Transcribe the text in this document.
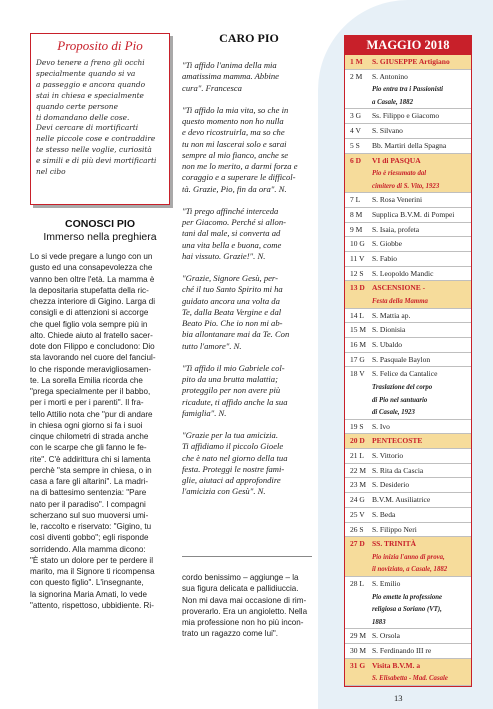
Proposito di Pio
Devo tenere a freno gli occhi
specialmente quando si va
a passeggio e ancora quando
stai in chiesa e specialmente
quando certe persone
ti domandano delle cose.
Devi cercare di mortificarti
nelle piccole cose e contraddire
te stesso nelle voglie, curiosità
e simili e di più devi mortificarti
nel cibo
CONOSCI PIO
Immerso nella preghiera
Lo si vede pregare a lungo con un
gusto ed una consapevolezza che
vanno ben oltre l'età. La mamma è
la depositaria stupefatta della ric-
chezza interiore di Gigino. Larga di
consigli e di attenzioni si accorge
che quel figlio vola sempre più in
alto. Chiede aiuto al fratello sacer-
dote don Filippo e concludono: Dio
sta lavorando nel cuore del fanciul-
lo che risponde meravigliosamen-
te. La sorella Emilia ricorda che
"prega specialmente per il babbo,
per i morti e per i parenti". Il fra-
tello Attilio nota che "pur di andare
in chiesa ogni giorno si fa i suoi
cinque chilometri di strada anche
con le scarpe che gli fanno le fe-
rite". C'è addirittura chi si lamenta
perchè "sta sempre in chiesa, o in
casa a fare gli altarini". La madri-
na di battesimo sentenzia: "Pare
nato per il paradiso". I compagni
scherzano sul suo muoversi umi-
le, raccolto e riservato: "Gigino, tu
così diventi gobbo"; egli risponde
sorridendo. Alla mamma dicono:
"È stato un dolore per te perdere il
marito, ma il Signore ti ricompensa
con questo figlio". L'insegnante,
la signorina Maria Amati, lo vede
"attento, rispettoso, ubbidiente. Ri-
CARO PIO

"Ti affido l'anima della mia
amatissima mamma. Abbine
cura". Francesca

"Ti affido la mia vita, so che in
questo momento non ho nulla
e devo ricostruirla, ma so che
tu non mi lascerai solo e sarai
sempre al mio fianco, anche se
non me lo merito, a darmi forza e
coraggio e a superare le difficol-
tà. Grazie, Pio, fin da ora". N.

"Ti prego affinché interceda
per Giacomo. Perché si allon-
tani dal male, si converta ad
una vita bella e buona, come
hai vissuto. Grazie!". N.

"Grazie, Signore Gesù, per-
ché il tuo Santo Spirito mi ha
guidato ancora una volta da
Te, dalla Beata Vergine e dal
Beato Pio. Che io non mi ab-
bia allontanare mai da Te. Con
tutto l'amore". N.

"Ti affido il mio Gabriele col-
pito da una brutta malattia;
proteggilo per non avere più
ricadute, ti affido anche la sua
famiglia". N.

"Grazie per la tua amicizia.
Ti affidiamo il piccolo Gioele
che è nato nel giorno della tua
festa. Proteggi le nostre fami-
glie, aiutaci ad approfondire
l'amicizia con Gesù". N.

cordo benissimo – aggiunge – la
sua figura delicata e pallidiuccia.
Non mi dava mai occasione di rim-
proverarlo. Era un angioletto. Nella
mia professione non ho più incon-
trato un ragazzo come lui".
MAGGIO 2018
1 M	S. GIUSEPPE Artigiano
2 M	S. Antonino
Pio entra tra i Passionisti
a Casale, 1882
3 G	Ss. Filippo e Giacomo
4 V	S. Silvano
5 S	Bb. Martiri della Spagna
6 D	VI di PASQUA
Pio è riesumato dal
cimitero di S. Vito, 1923
7 L	S. Rosa Venerini
8 M	Supplica B.V.M. di Pompei
9 M	S. Isaia, profeta
10 G S. Giobbe
11 V	S. Fabio
12 S	S. Leopoldo Mandic
13 D ASCENSIONE -
Festa della Mamma
14 L	S. Mattia ap.
15 M S. Dionisia
16 M S. Ubaldo
17 G S. Pasquale Baylon
18 V S. Felice da Cantalice
Traslazione del corpo
di Pio nel santuario
di Casale, 1923
19 S	S. Ivo
20 D PENTECOSTE
21 L	S. Vittorio
22 M S. Rita da Cascia
23 M S. Desiderio
24 G B.V.M. Ausiliatrice
25 V S. Beda
26 S	S. Filippo Neri
27 D SS. TRINITÀ
Pio inizia l'anno di prova,
il noviziato, a Casale, 1882
28 L	S. Emilio
Pio emette la professione
religiosa a Soriano (VT),
1883
29 M S. Orsola
30 M S. Ferdinando III re
31 G Visita B.V.M. a
S. Elisabetta - Mad. Casale
13
